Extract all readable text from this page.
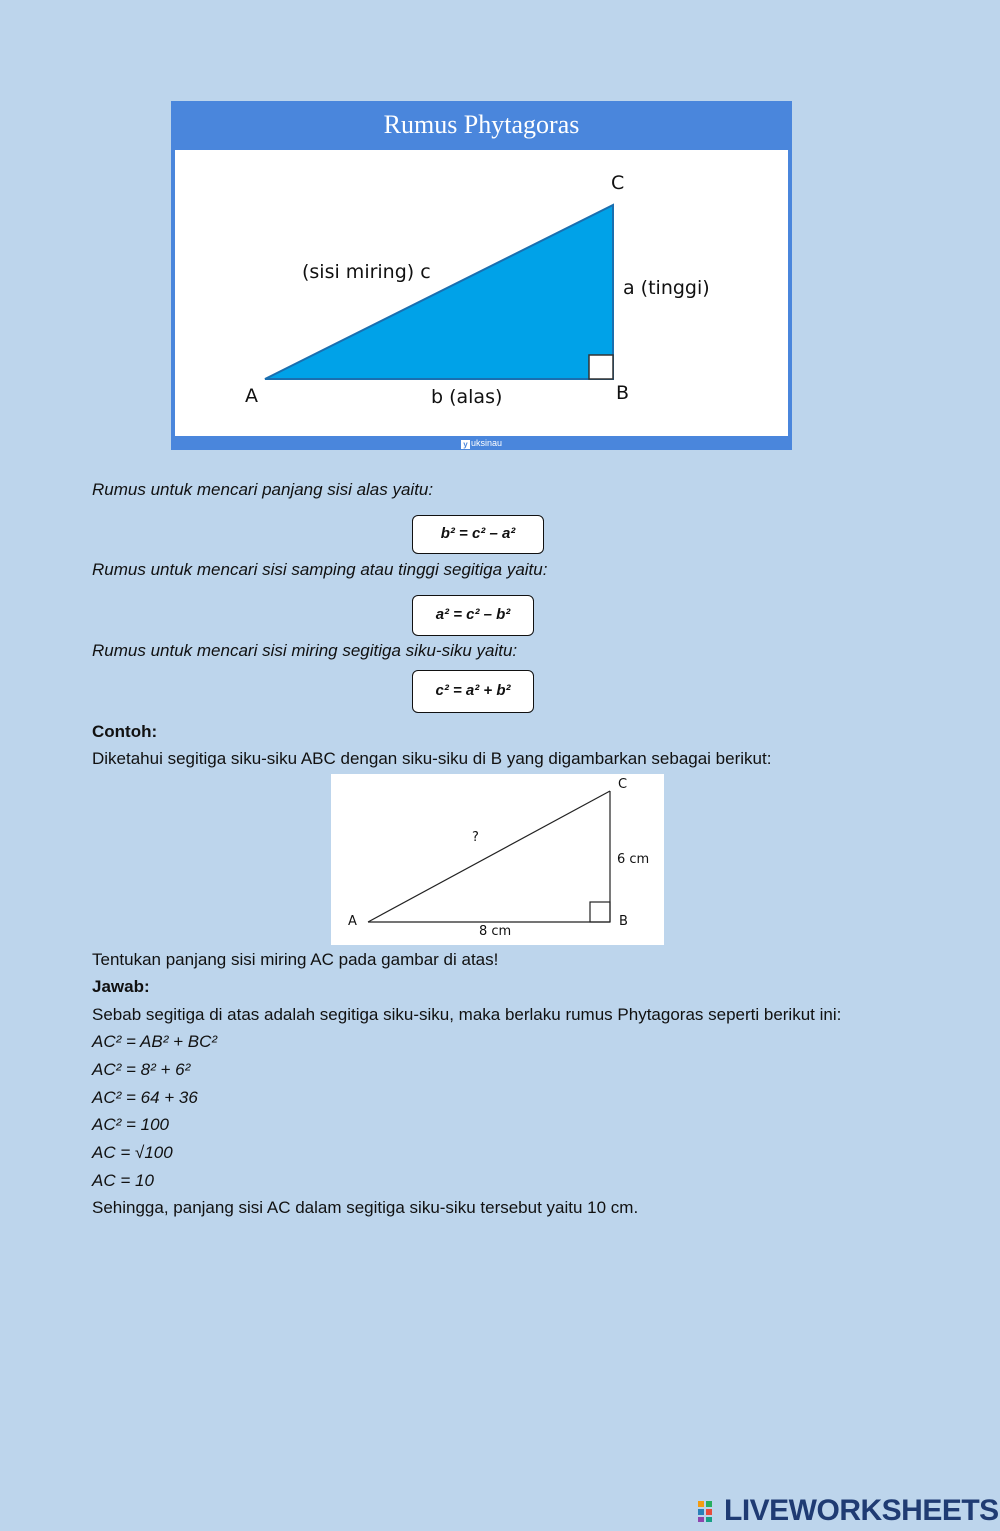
Rumus Phytagoras
A	B
C
(sisi miring) c
a (tinggi)
b (alas)
y uksinau
Rumus untuk mencari panjang sisi alas yaitu:
b² = c² – a²
Rumus untuk mencari sisi samping atau tinggi segitiga yaitu:
a² = c² – b²
Rumus untuk mencari sisi miring segitiga siku-siku yaitu:
c² = a² + b²
Contoh:
Diketahui segitiga siku-siku ABC dengan siku-siku di B yang digambarkan sebagai berikut:
A	B
C
?
6 cm
8 cm
Tentukan panjang sisi miring AC pada gambar di atas!
Jawab:
Sebab segitiga di atas adalah segitiga siku-siku, maka berlaku rumus Phytagoras seperti berikut ini:
AC² = AB² + BC²
AC² = 8² + 6²
AC² = 64 + 36
AC² = 100
AC = √100
AC = 10
Sehingga, panjang sisi AC dalam segitiga siku-siku tersebut yaitu 10 cm.
LIVEWORKSHEETS
